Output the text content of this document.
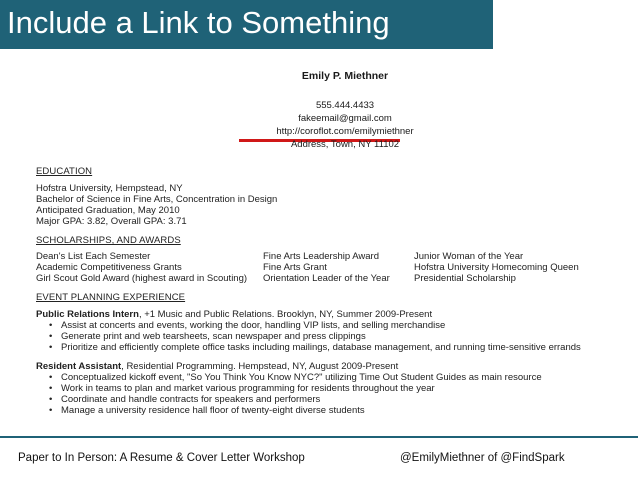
Include a Link to Something
Emily P. Miethner
555.444.4433
fakeemail@gmail.com
http://coroflot.com/emilymiethner
Address, Town, NY 11102
EDUCATION
Hofstra University, Hempstead, NY
Bachelor of Science in Fine Arts, Concentration in Design
Anticipated Graduation, May 2010
Major GPA: 3.82, Overall GPA: 3.71
SCHOLARSHIPS, AND AWARDS
Dean's List Each Semester
Academic Competitiveness Grants
Girl Scout Gold Award (highest award in Scouting)
Fine Arts Leadership Award
Fine Arts Grant
Orientation Leader of the Year
Junior Woman of the Year
Hofstra University Homecoming Queen
Presidential Scholarship
EVENT PLANNING EXPERIENCE
Public Relations Intern, +1 Music and Public Relations. Brooklyn, NY, Summer 2009-Present
• Assist at concerts and events, working the door, handling VIP lists, and selling merchandise
• Generate print and web tearsheets, scan newspaper and press clippings
• Prioritize and efficiently complete office tasks including mailings, database management, and running time-sensitive errands
Resident Assistant, Residential Programming. Hempstead, NY, August 2009-Present
• Conceptualized kickoff event, "So You Think You Know NYC?" utilizing Time Out Student Guides as main resource
• Work in teams to plan and market various programming for residents throughout the year
• Coordinate and handle contracts for speakers and performers
• Manage a university residence hall floor of twenty-eight diverse students
Paper to In Person: A Resume & Cover Letter Workshop	@EmilyMiethner of @FindSpark
